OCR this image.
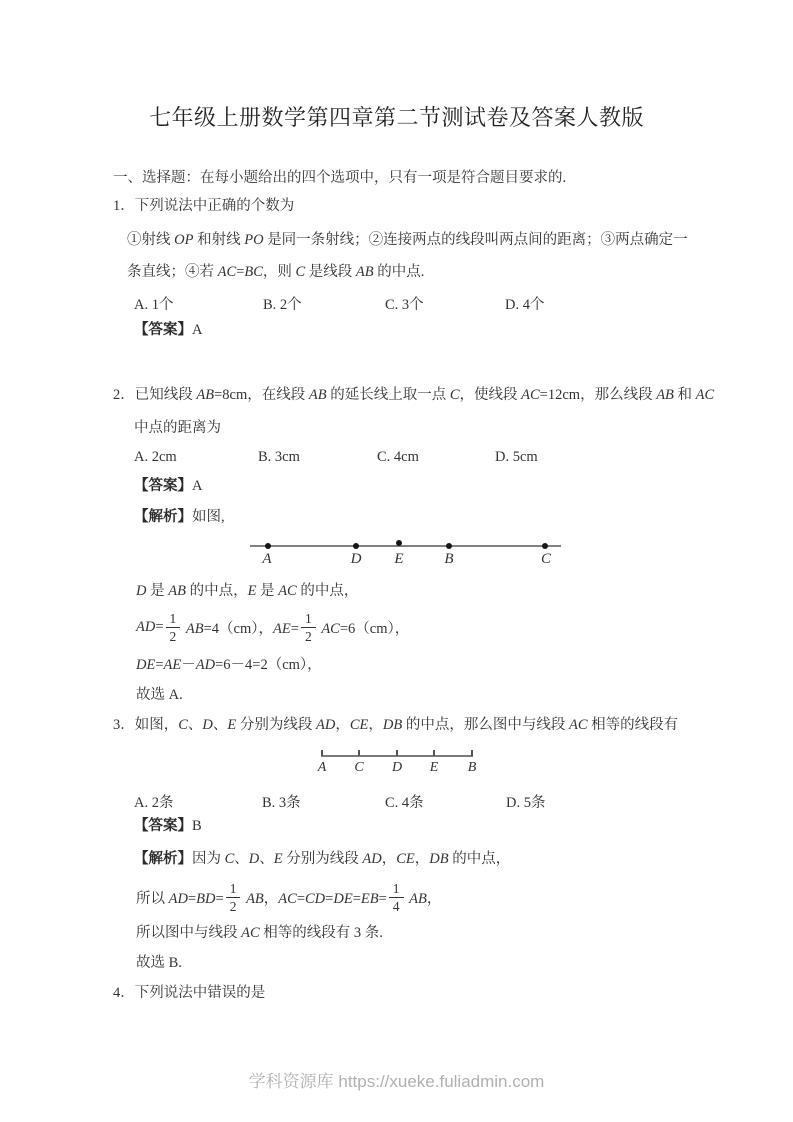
七年级上册数学第四章第二节测试卷及答案人教版
一、选择题：在每小题给出的四个选项中，只有一项是符合题目要求的.
1．下列说法中正确的个数为
①射线 OP 和射线 PO 是同一条射线；②连接两点的线段叫两点间的距离；③两点确定一
条直线；④若 AC=BC，则 C 是线段 AB 的中点.
A. 1个	B. 2个	C. 3个	D. 4个
【答案】A
2．已知线段 AB=8cm，在线段 AB 的延长线上取一点 C，使线段 AC=12cm，那么线段 AB 和 AC
中点的距离为
A. 2cm	B. 3cm	C. 4cm	D. 5cm
【答案】A
【解析】如图,
A	D E	B	C
D 是 AB 的中点，E 是 AC 的中点，
$AD= \frac{1}{2} AB=4(cm)$，$AE= \frac{1}{2} AC=6(cm)$，
DE=AE－AD=6－4=2（cm），
故选 A.
3．如图，C、D、E 分别为线段 AD，CE，DB 的中点，那么图中与线段 AC 相等的线段有
A C D E B
A. 2条	B. 3条	C. 4条	D. 5条
【答案】B
【解析】因为 C、D、E 分别为线段 AD，CE，DB 的中点，
所以 $AD=BD= \frac{1}{2}$ AB，$AC=CD=DE=EB= \frac{1}{4}$ AB，
所以图中与线段 AC 相等的线段有 3 条.
故选 B.
4．下列说法中错误的是
学科资源库 https://xueke.fuliadmin.com
